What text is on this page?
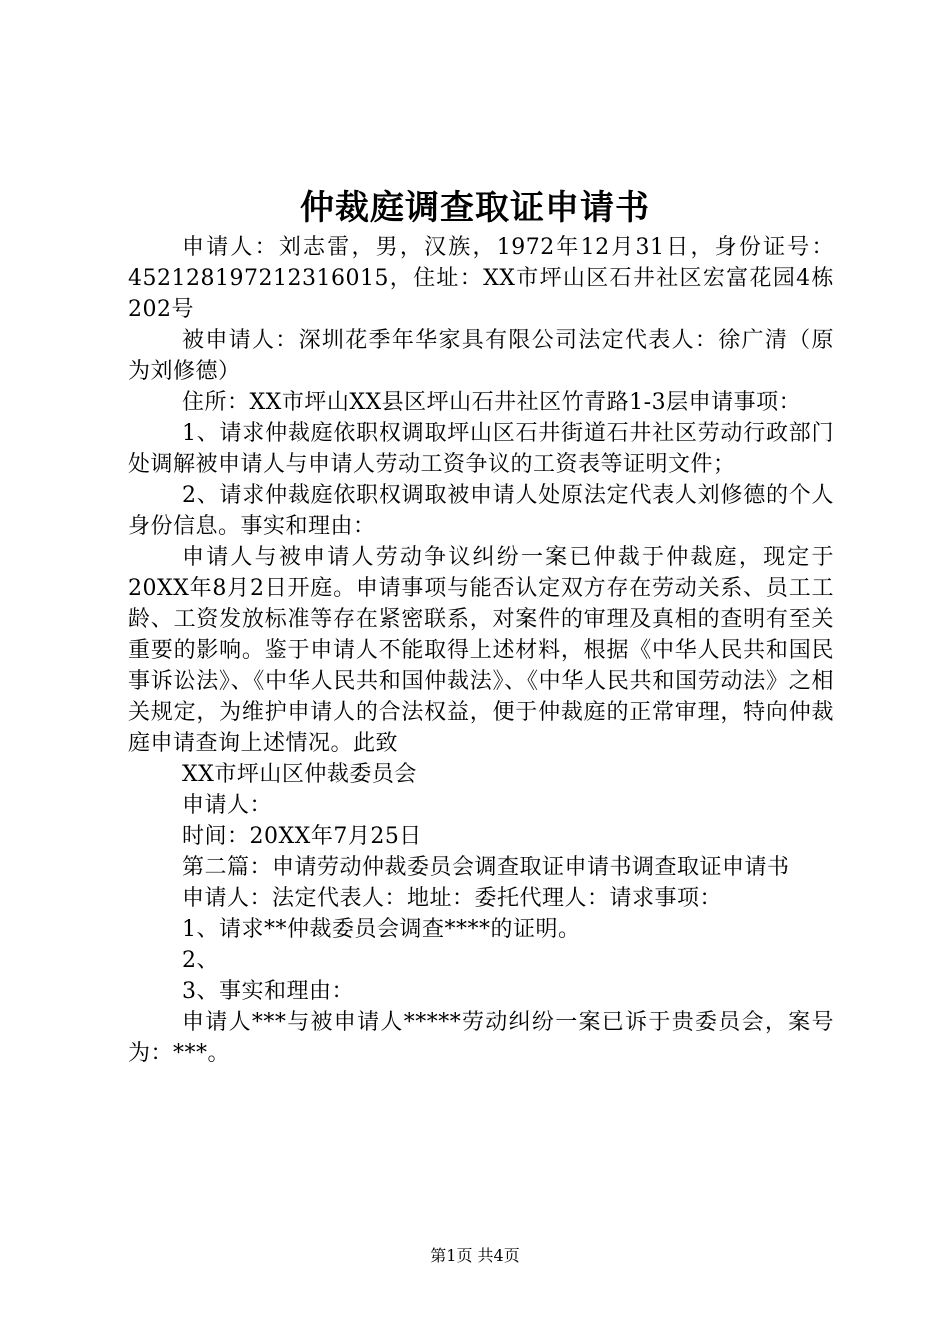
仲裁庭调查取证申请书

申请人：刘志雷，男，汉族，1972年12月31日，身份证号：452128197212316015，住址：XX市坪山区石井社区宏富花园4栋202号

被申请人：深圳花季年华家具有限公司法定代表人：徐广清（原为刘修德）

住所：XX市坪山XX县区坪山石井社区竹青路1-3层申请事项：

1、请求仲裁庭依职权调取坪山区石井街道石井社区劳动行政部门处调解被申请人与申请人劳动工资争议的工资表等证明文件；

2、请求仲裁庭依职权调取被申请人处原法定代表人刘修德的个人身份信息。事实和理由：

申请人与被申请人劳动争议纠纷一案已仲裁于仲裁庭，现定于20XX年8月2日开庭。申请事项与能否认定双方存在劳动关系、员工工龄、工资发放标准等存在紧密联系，对案件的审理及真相的查明有至关重要的影响。鉴于申请人不能取得上述材料，根据《中华人民共和国民事诉讼法》、《中华人民共和国仲裁法》、《中华人民共和国劳动法》之相关规定，为维护申请人的合法权益，便于仲裁庭的正常审理，特向仲裁庭申请查询上述情况。此致

XX市坪山区仲裁委员会

申请人：

时间：20XX年7月25日

第二篇：申请劳动仲裁委员会调查取证申请书调查取证申请书

申请人：法定代表人：地址：委托代理人：请求事项：

1、请求**仲裁委员会调查****的证明。

2、

3、事实和理由：

申请人***与被申请人*****劳动纠纷一案已诉于贵委员会，案号为：***。

第1页 共4页
